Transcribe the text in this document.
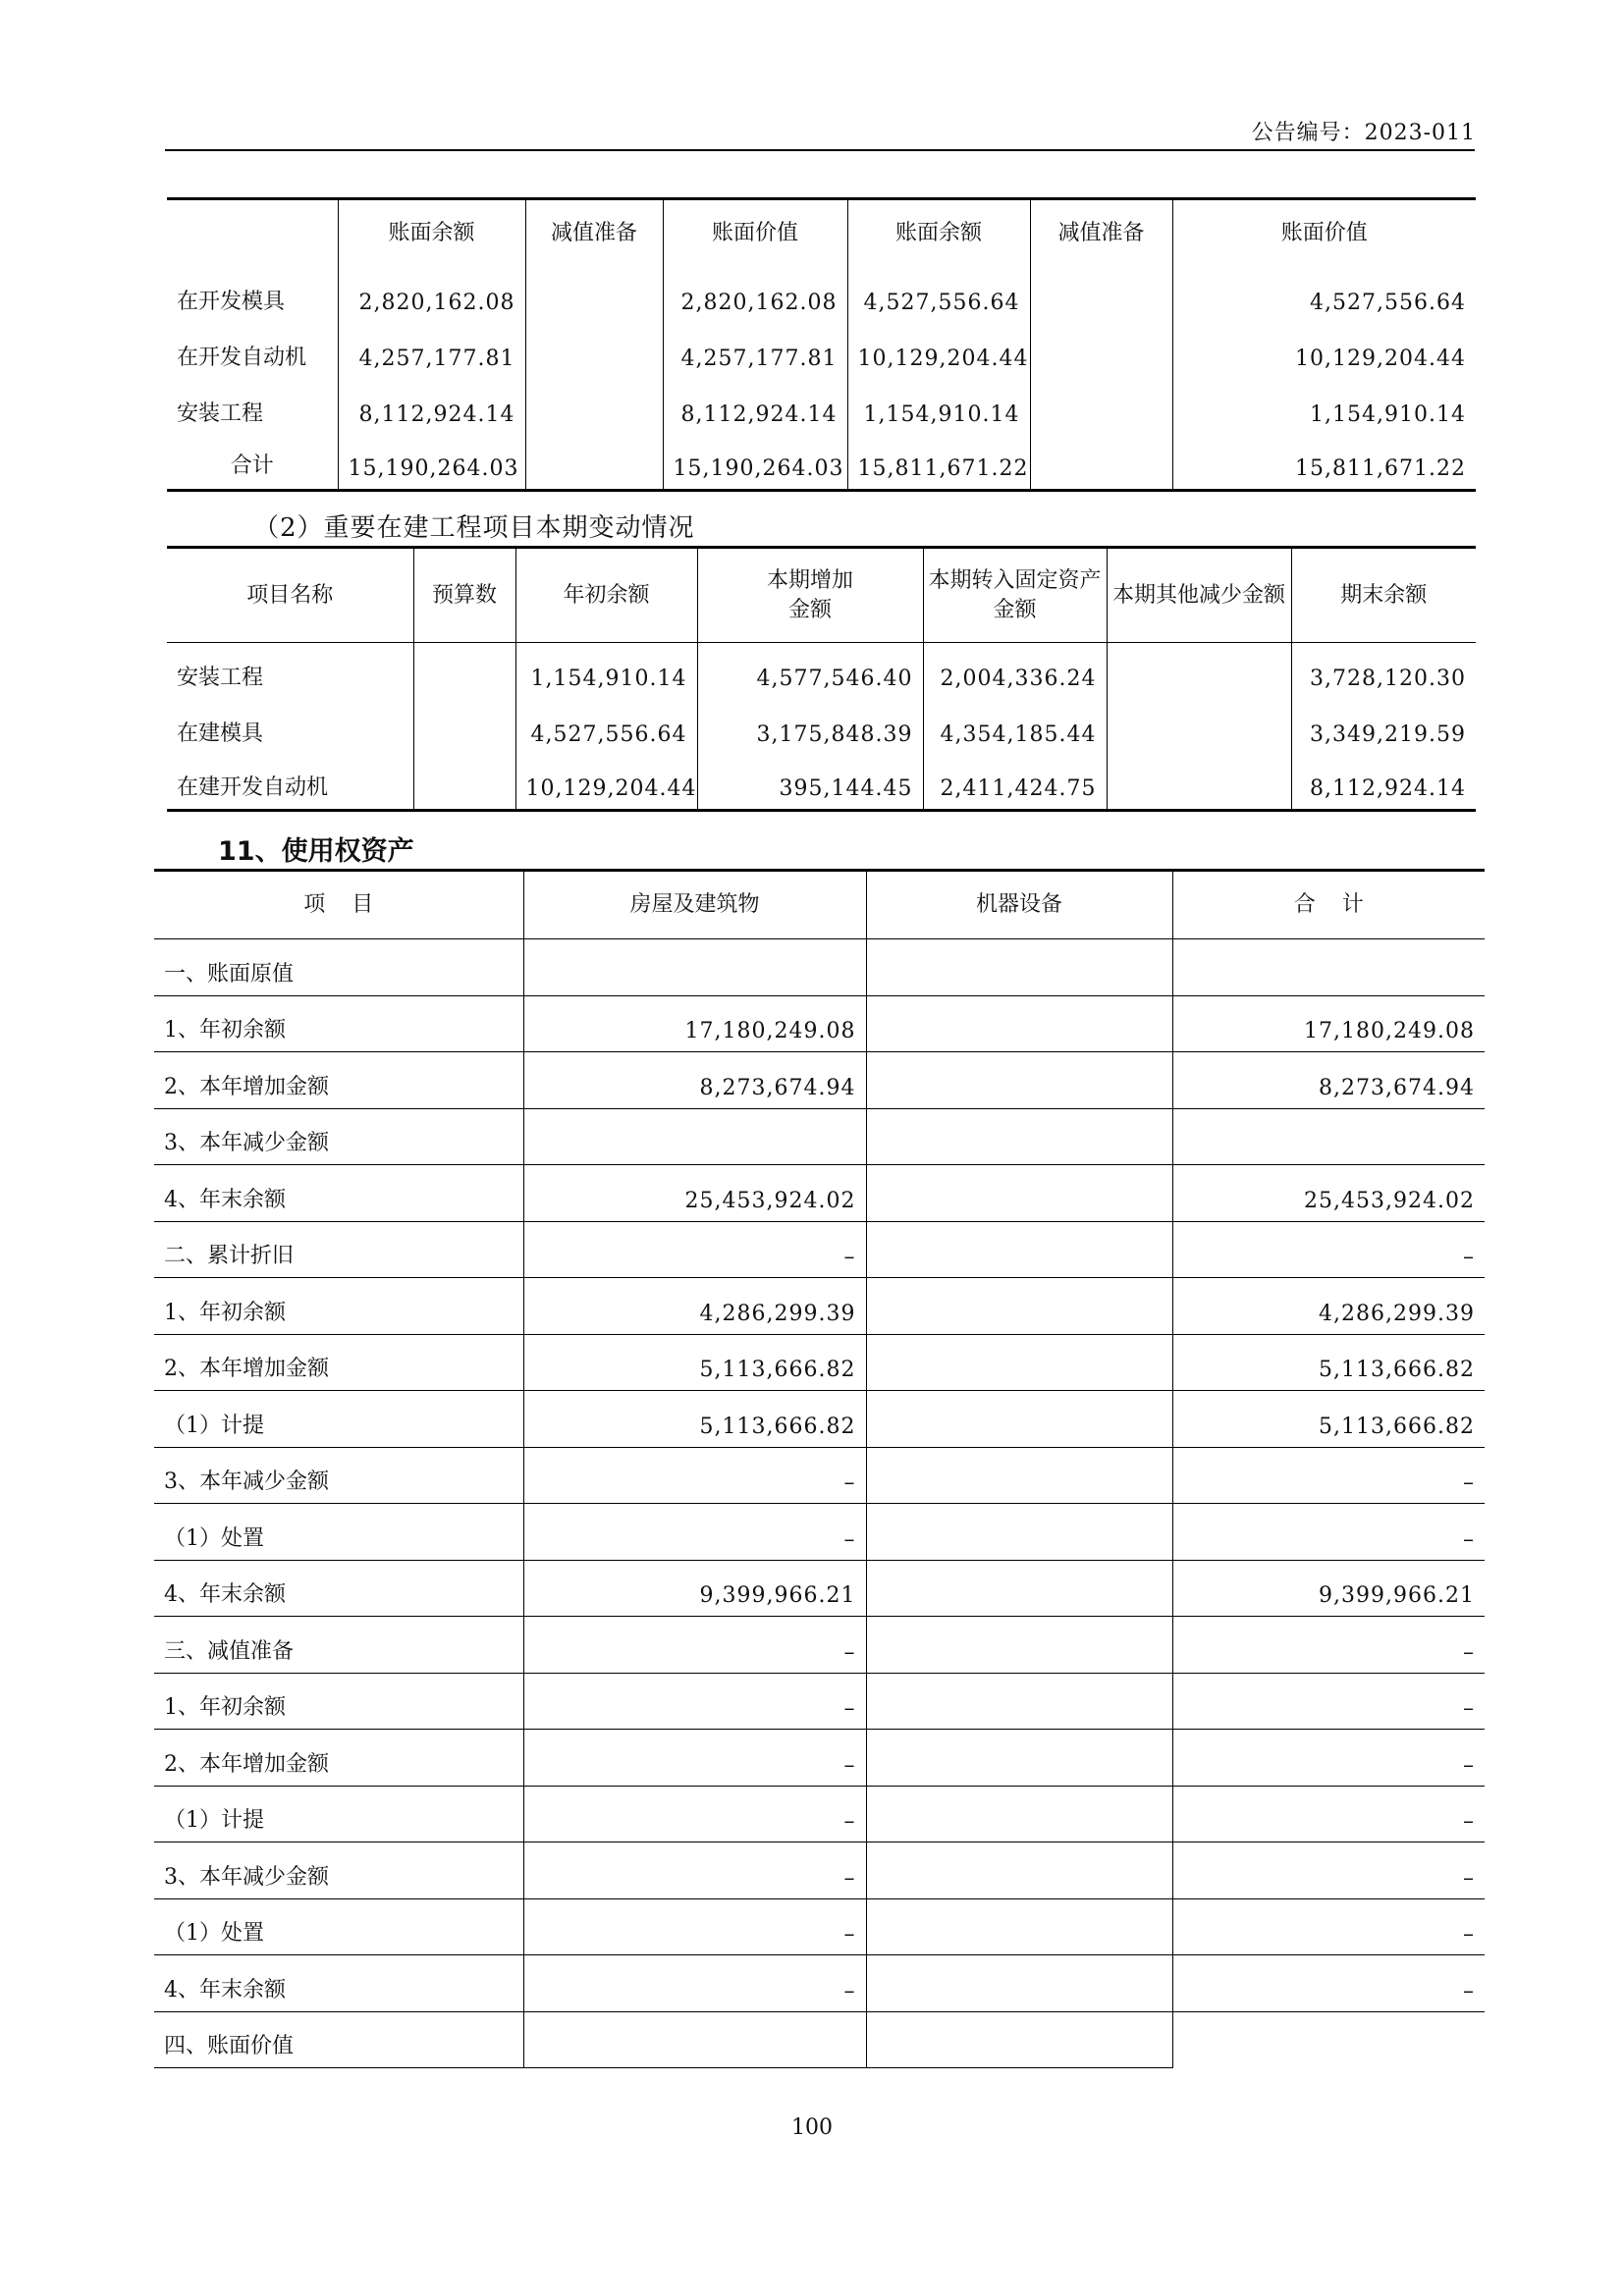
公告编号：2023-011
	账面余额	减值准备	账面价值	账面余额	减值准备	账面价值
在开发模具	2,820,162.08		2,820,162.08	4,527,556.64		4,527,556.64
在开发自动机	4,257,177.81		4,257,177.81	10,129,204.44		10,129,204.44
安装工程	8,112,924.14		8,112,924.14	1,154,910.14		1,154,910.14
合计	15,190,264.03		15,190,264.03	15,811,671.22		15,811,671.22
（2）重要在建工程项目本期变动情况
项目名称	预算数	年初余额	本期增加金额	本期转入固定资产金额	本期其他减少金额	期末余额
安装工程		1,154,910.14	4,577,546.40	2,004,336.24		3,728,120.30
在建模具		4,527,556.64	3,175,848.39	4,354,185.44		3,349,219.59
在建开发自动机		10,129,204.44	395,144.45	2,411,424.75		8,112,924.14
11、使用权资产
项 目	房屋及建筑物	机器设备	合 计
一、账面原值			
1、年初余额	17,180,249.08		17,180,249.08
2、本年增加金额	8,273,674.94		8,273,674.94
3、本年减少金额			
4、年末余额	25,453,924.02		25,453,924.02
二、累计折旧	–		–
1、年初余额	4,286,299.39		4,286,299.39
2、本年增加金额	5,113,666.82		5,113,666.82
（1）计提	5,113,666.82		5,113,666.82
3、本年减少金额	–		–
（1）处置	–		–
4、年末余额	9,399,966.21		9,399,966.21
三、减值准备	–		–
1、年初余额	–		–
2、本年增加金额	–		–
（1）计提	–		–
3、本年减少金额	–		–
（1）处置	–		–
4、年末余额	–		–
四、账面价值			
100
